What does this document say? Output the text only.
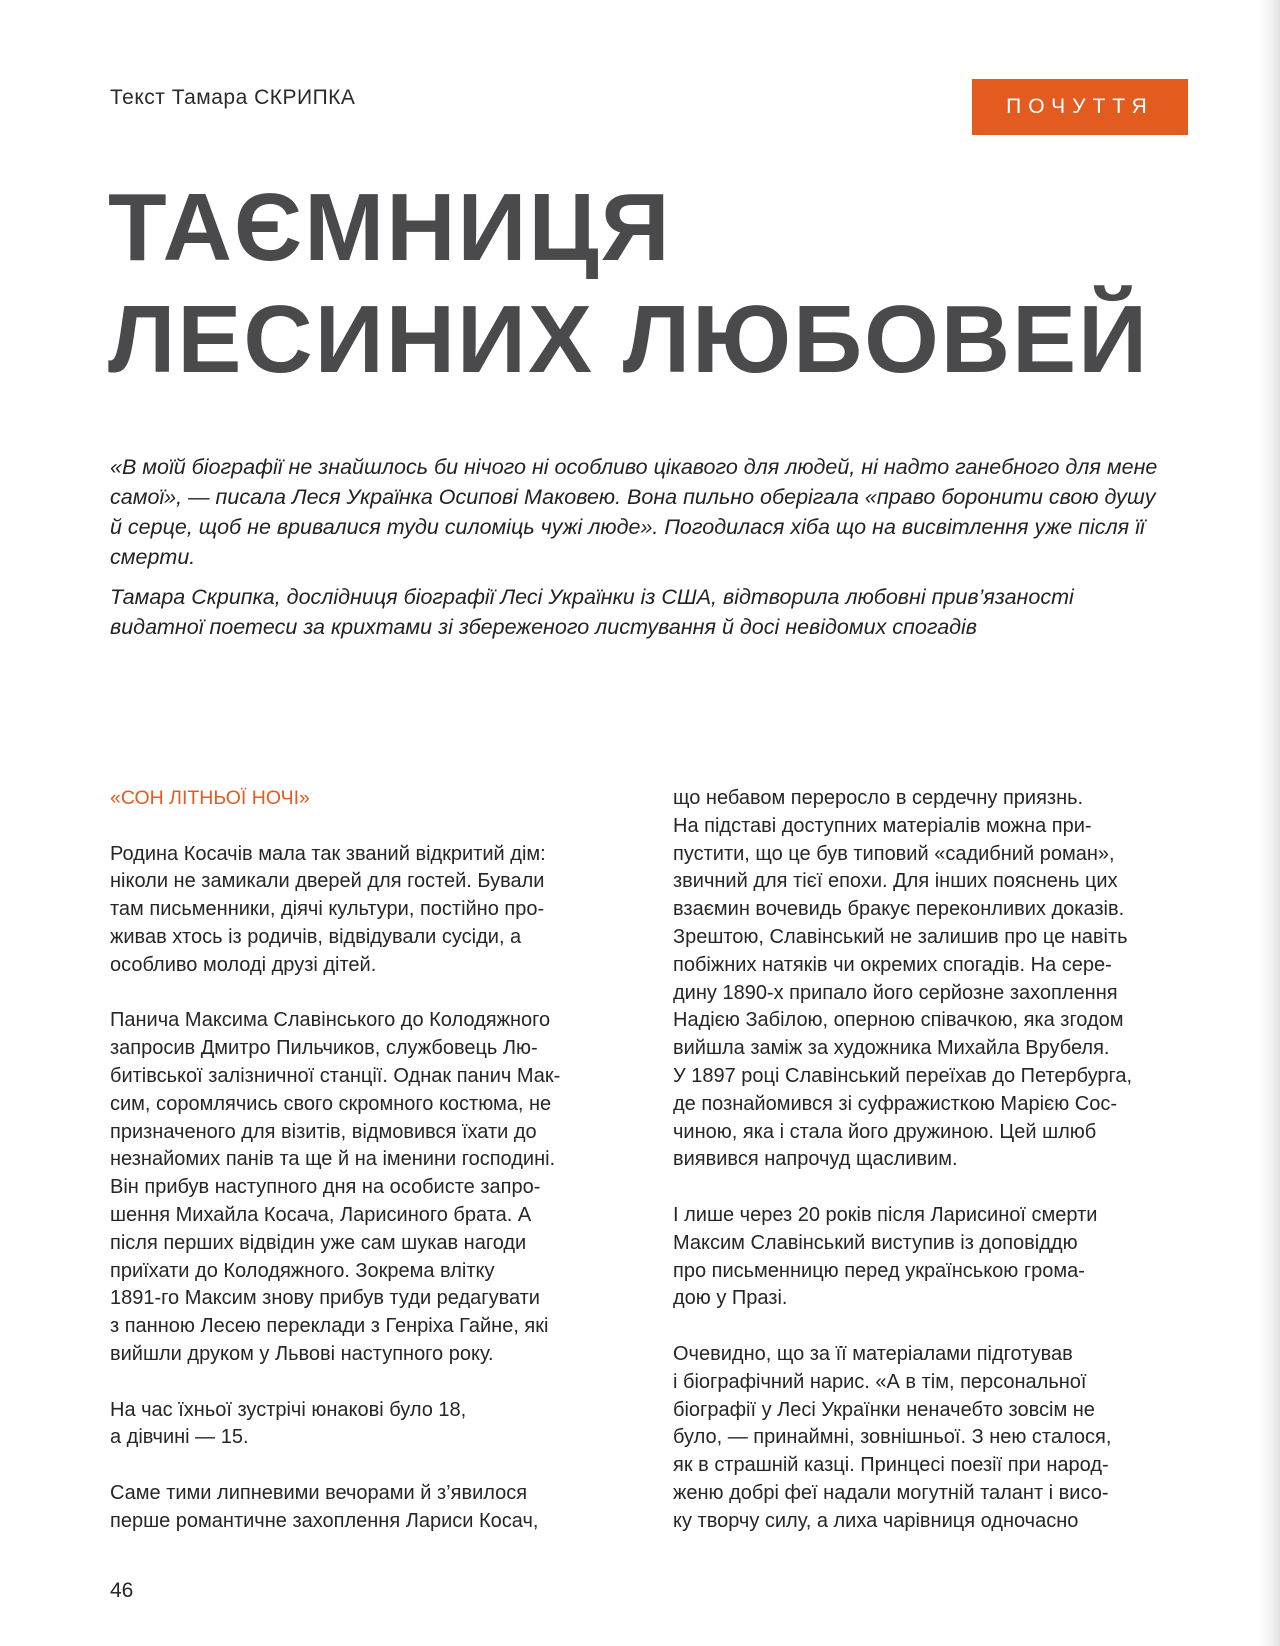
Текст Тамара СКРИПКА	ПОЧУТТЯ
ТАЄМНИЦЯ
ЛЕСИНИХ ЛЮБОВЕЙ

«В моїй біографії не знайшлось би нічого ні особливо цікавого для людей, ні надто ганебного для мене самої», — писала Леся Українка Осипові Маковею. Вона пильно оберігала «право боронити свою душу й серце, щоб не вривалися туди силоміць чужі люде». Погодилася хіба що на висвітлення уже після її смерти.

Тамара Скрипка, дослідниця біографії Лесі Українки із США, відтворила любовні прив’язаності видатної поетеси за крихтами зі збереженого листування й досі невідомих спогадів

«СОН ЛІТНЬОЇ НОЧІ»

Родина Косачів мала так званий відкритий дім:
ніколи не замикали дверей для гостей. Бували
там письменники, діячі культури, постійно про-
живав хтось із родичів, відвідували сусіди, а
особливо молоді друзі дітей.

Панича Максима Славінського до Колодяжного
запросив Дмитро Пильчиков, службовець Лю-
битівської залізничної станції. Однак панич Мак-
сим, соромлячись свого скромного костюма, не
призначеного для візитів, відмовився їхати до
незнайомих панів та ще й на іменини господині.
Він прибув наступного дня на особисте запро-
шення Михайла Косача, Ларисиного брата. А
після перших відвідин уже сам шукав нагоди
приїхати до Колодяжного. Зокрема влітку
1891-го Максим знову прибув туди редагувати
з панною Лесею переклади з Генріха Гайне, які
вийшли друком у Львові наступного року.

На час їхньої зустрічі юнакові було 18,
а дівчині — 15.

Саме тими липневими вечорами й з’явилося
перше романтичне захоплення Лариси Косач,

що небавом переросло в сердечну приязнь.
На підставі доступних матеріалів можна при-
пустити, що це був типовий «садибний роман»,
звичний для тієї епохи. Для інших пояснень цих
взаємин вочевидь бракує переконливих доказів.
Зрештою, Славінський не залишив про це навіть
побіжних натяків чи окремих спогадів. На сере-
дину 1890-х припало його серйозне захоплення
Надією Забілою, оперною співачкою, яка згодом
вийшла заміж за художника Михайла Врубеля.
У 1897 році Славінський переїхав до Петербурга,
де познайомився зі суфражисткою Марією Сос-
чиною, яка і стала його дружиною. Цей шлюб
виявився напрочуд щасливим.

І лише через 20 років після Ларисиної смерти
Максим Славінський виступив із доповіддю
про письменницю перед українською грома-
дою у Празі.

Очевидно, що за її матеріалами підготував
і біографічний нарис. «А в тім, персональної
біографії у Лесі Українки неначебто зовсім не
було, — принаймні, зовнішньої. З нею сталося,
як в страшній казці. Принцесі поезії при народ-
женю добрі феї надали могутній талант і висо-
ку творчу силу, а лиха чарівниця одночасно

46
